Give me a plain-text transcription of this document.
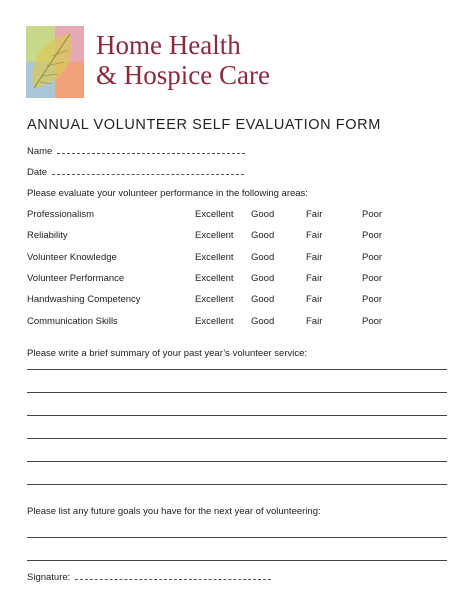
Home Health
& Hospice Care
ANNUAL VOLUNTEER SELF EVALUATION FORM
Name
Date
Please evaluate your volunteer performance in the following areas:
Professionalism	Excellent Good	Fair	Poor
Reliability	Excellent Good	Fair	Poor
Volunteer Knowledge	Excellent Good	Fair	Poor
Volunteer Performance	Excellent Good	Fair	Poor
Handwashing Competency	Excellent Good	Fair	Poor
Communication Skills	Excellent Good	Fair	Poor
Please write a brief summary of your past year’s volunteer service:
Please list any future goals you have for the next year of volunteering:
Signature:
